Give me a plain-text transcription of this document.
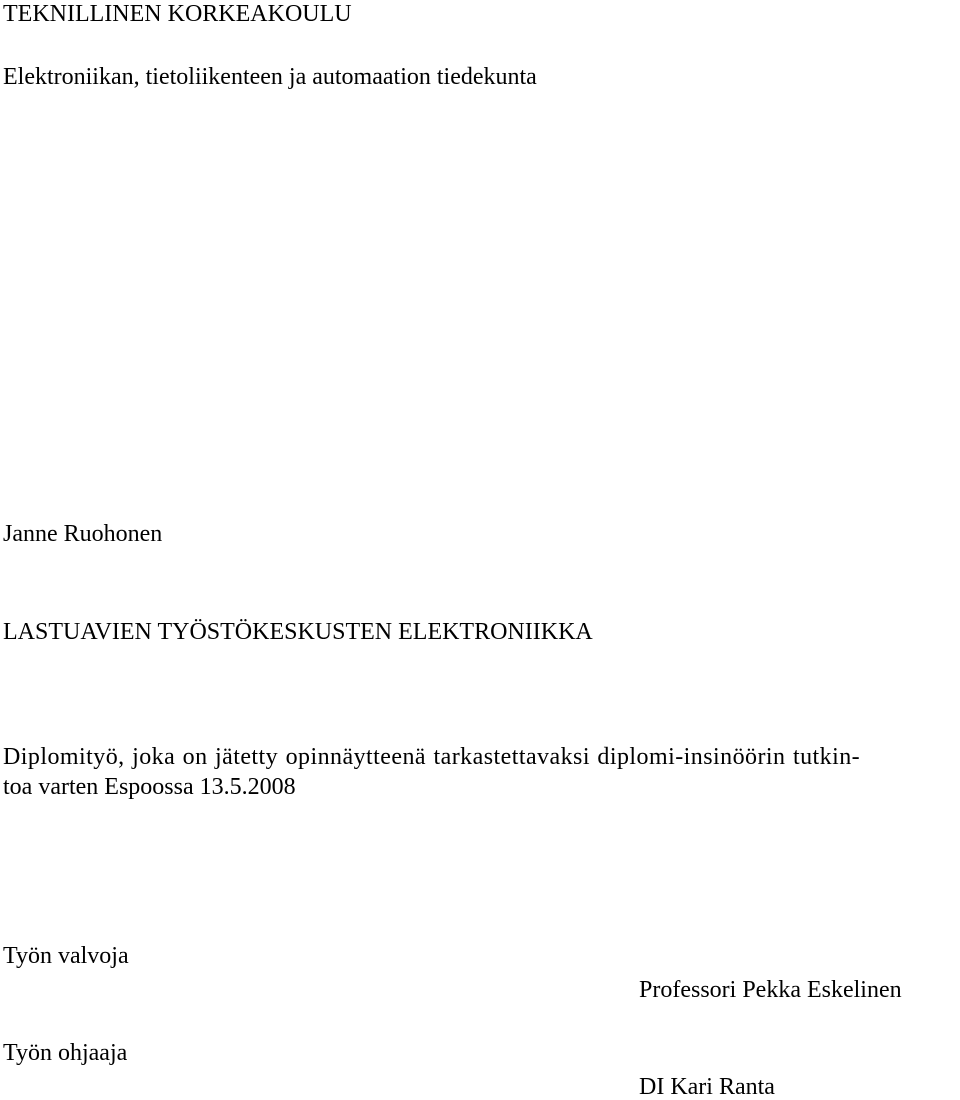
TEKNILLINEN KORKEAKOULU
Elektroniikan, tietoliikenteen ja automaation tiedekunta
Janne Ruohonen
LASTUAVIEN TYÖSTÖKESKUSTEN ELEKTRONIIKKA
Diplomityö, joka on jätetty opinnäytteenä tarkastettavaksi diplomi-insinöörin tutkin-
toa varten Espoossa 13.5.2008
Työn valvoja
Professori Pekka Eskelinen
Työn ohjaaja
DI Kari Ranta
